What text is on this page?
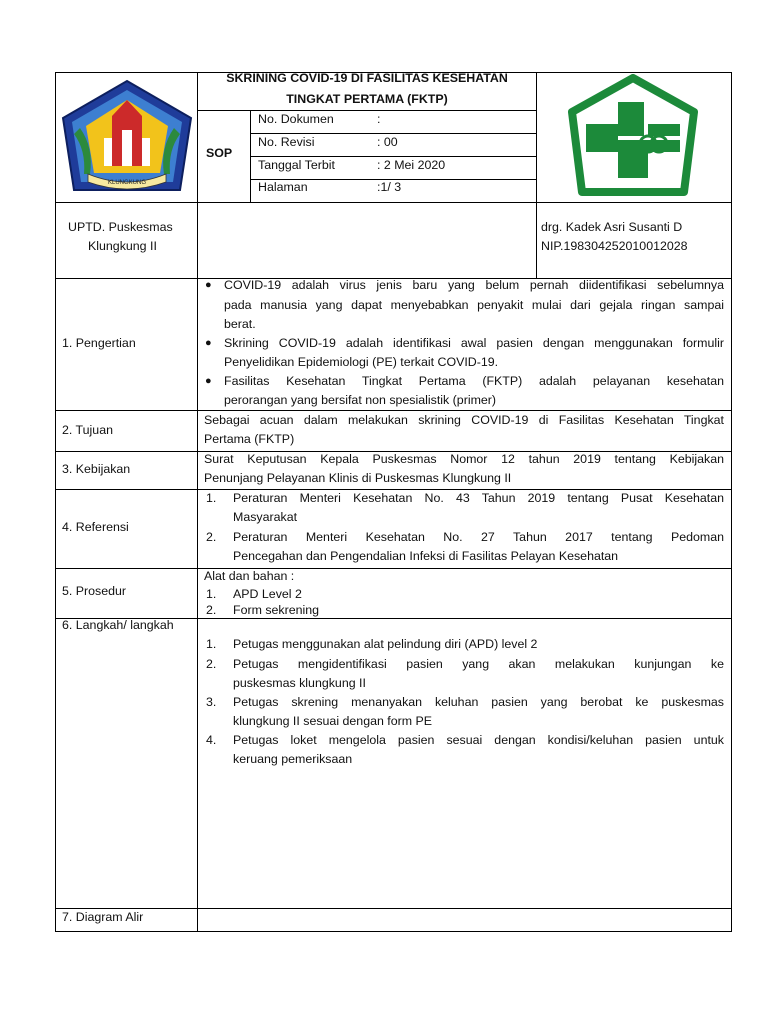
KLUNGKUNG
SKRINING COVID-19 DI FASILITAS KESEHATAN
TINGKAT PERTAMA (FKTP)
SOP
No. Dokumen	:
No. Revisi	: 00
Tanggal Terbit	: 2 Mei 2020
Halaman	:1/ 3
UPTD. Puskesmas
Klungkung II
drg. Kadek Asri Susanti D
NIP.198304252010012028
1. Pengertian
● COVID-19 adalah virus jenis baru yang belum pernah diidentifikasi sebelumnya
pada manusia yang dapat menyebabkan penyakit mulai dari gejala ringan sampai
berat.
● Skrining COVID-19 adalah identifikasi awal pasien dengan menggunakan formulir
Penyelidikan Epidemiologi (PE) terkait COVID-19.
● Fasilitas Kesehatan Tingkat Pertama (FKTP) adalah pelayanan kesehatan
perorangan yang bersifat non spesialistik (primer)
2. Tujuan
Sebagai acuan dalam melakukan skrining COVID-19 di Fasilitas Kesehatan Tingkat
Pertama (FKTP)
3. Kebijakan
Surat Keputusan Kepala Puskesmas Nomor 12 tahun 2019 tentang Kebijakan
Penunjang Pelayanan Klinis di Puskesmas Klungkung II
4. Referensi
1. Peraturan Menteri Kesehatan No. 43 Tahun 2019 tentang Pusat Kesehatan
Masyarakat
2. Peraturan Menteri Kesehatan No. 27 Tahun 2017 tentang Pedoman
Pencegahan dan Pengendalian Infeksi di Fasilitas Pelayan Kesehatan
5. Prosedur
Alat dan bahan :
1. APD Level 2
2. Form sekrening
6. Langkah/ langkah
1. Petugas menggunakan alat pelindung diri (APD) level 2
2. Petugas mengidentifikasi pasien yang akan melakukan kunjungan ke
puskesmas klungkung II
3. Petugas skrening menanyakan keluhan pasien yang berobat ke puskesmas
klungkung II sesuai dengan form PE
4. Petugas loket mengelola pasien sesuai dengan kondisi/keluhan pasien untuk
keruang pemeriksaan
7. Diagram Alir
